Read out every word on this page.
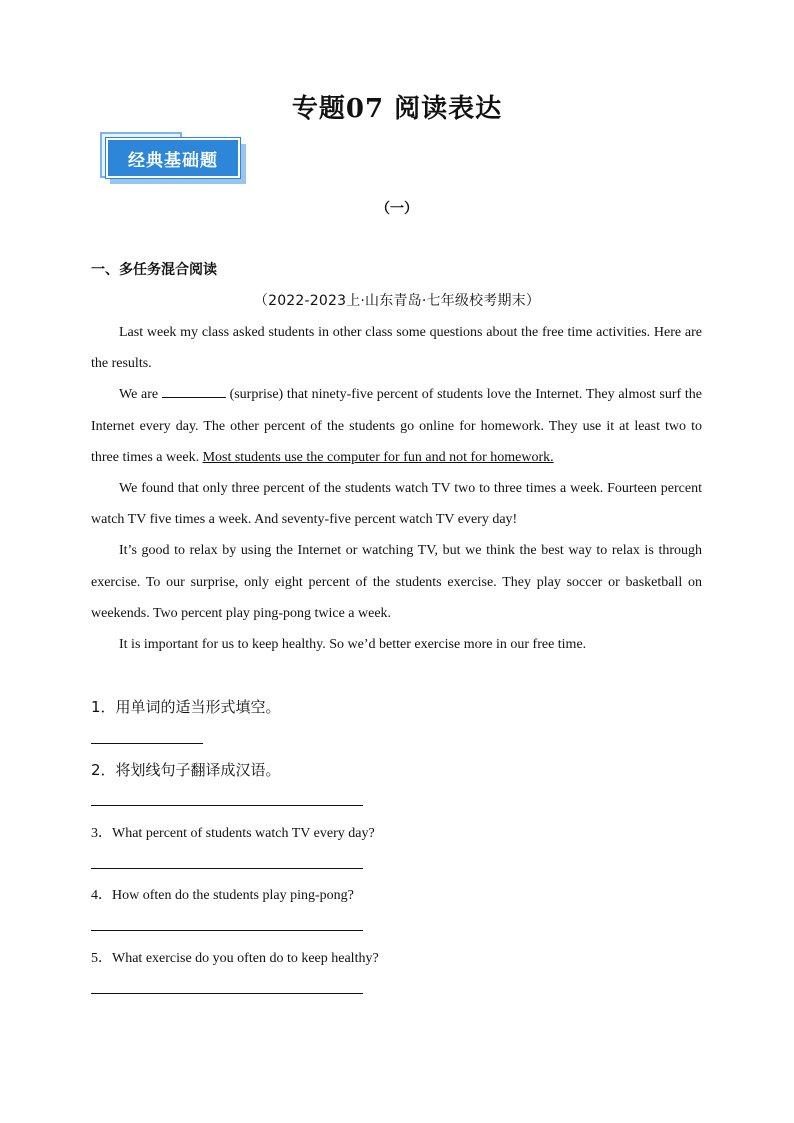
专题07 阅读表达
经典基础题
（一）
一、多任务混合阅读
（2022-2023上·山东青岛·七年级校考期末）

Last week my class asked students in other class some questions about the free time activities. Here are the results.

We are	(surprise) that ninety-five percent of students love the Internet. They almost surf the Internet every day. The other percent of the students go online for homework. They use it at least two to three times a week. Most students use the computer for fun and not for homework.

We found that only three percent of the students watch TV two to three times a week. Fourteen percent watch TV five times a week. And seventy-five percent watch TV every day!

It’s good to relax by using the Internet or watching TV, but we think the best way to relax is through exercise. To our surprise, only eight percent of the students exercise. They play soccer or basketball on weekends. Two percent play ping-pong twice a week.

It is important for us to keep healthy. So we’d better exercise more in our free time.

1．用单词的适当形式填空。
2．将划线句子翻译成汉语。
3．What percent of students watch TV every day?
4．How often do the students play ping-pong?
5．What exercise do you often do to keep healthy?
